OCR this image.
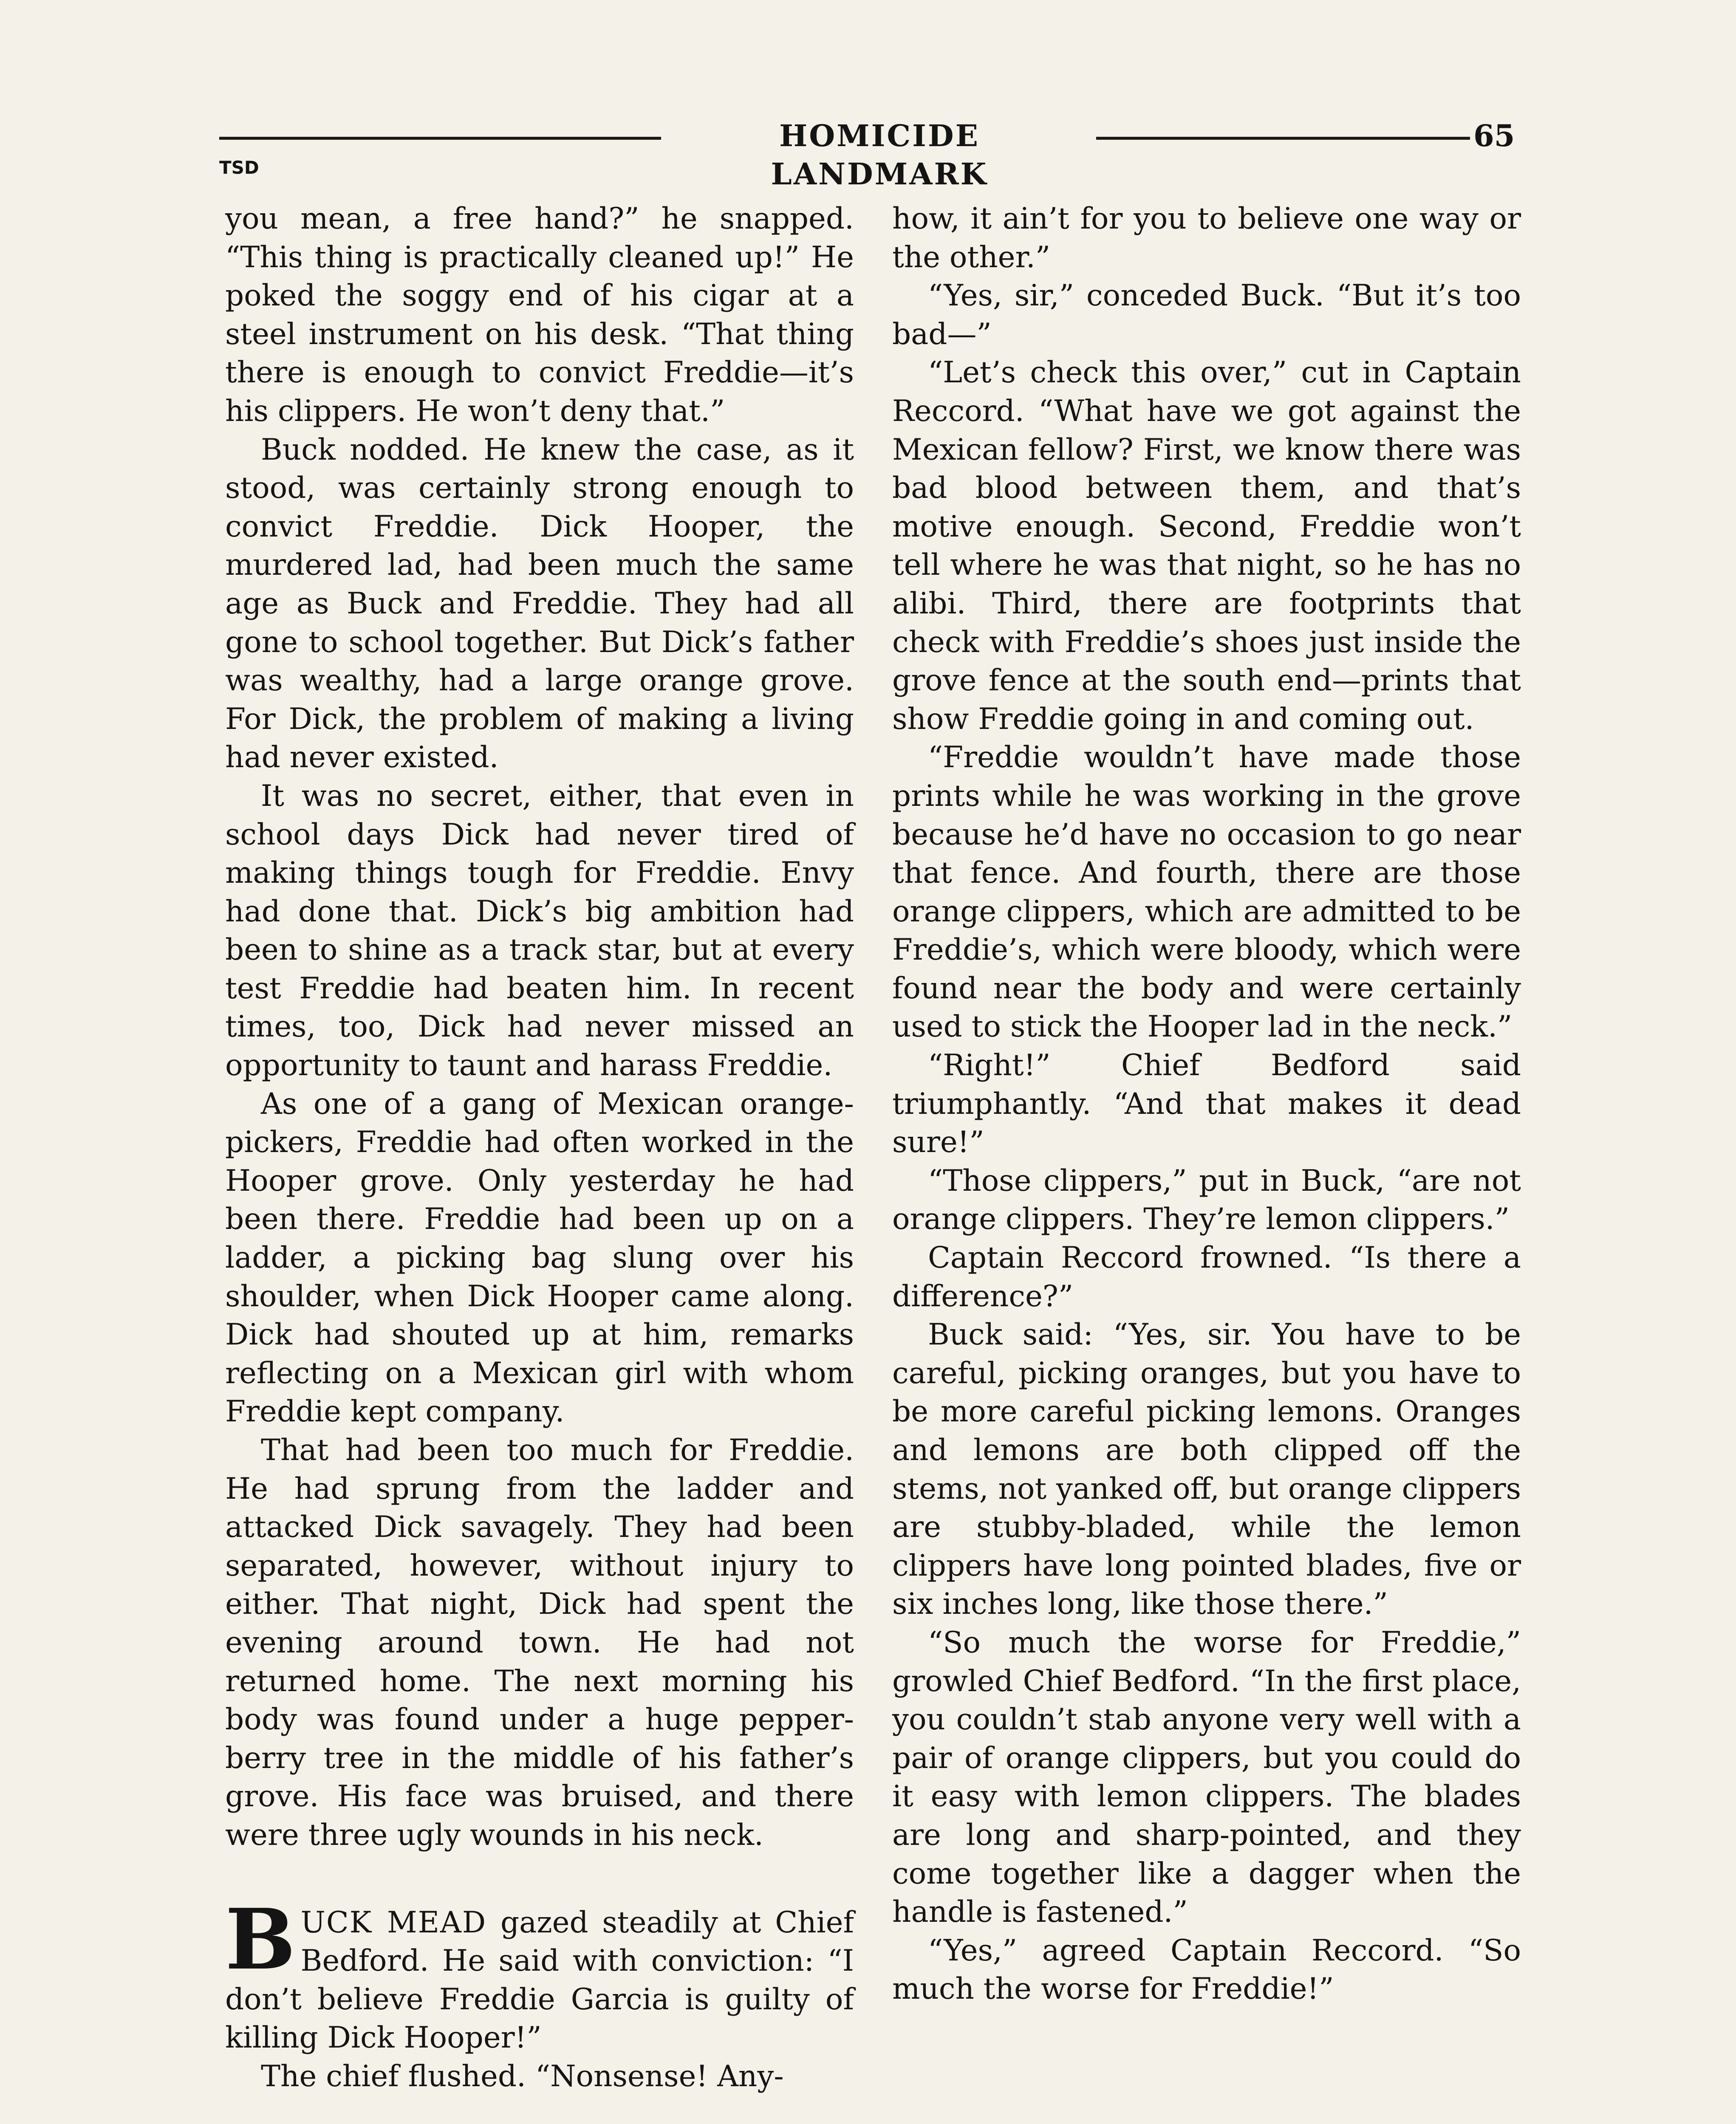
HOMICIDE LANDMARK
65
TSD

you mean, a free hand?” he snapped. “This thing is practically cleaned up!” He poked the soggy end of his cigar at a steel instrument on his desk. “That thing there is enough to convict Freddie—it’s his clippers. He won’t deny that.”

Buck nodded. He knew the case, as it stood, was certainly strong enough to convict Freddie. Dick Hooper, the murdered lad, had been much the same age as Buck and Freddie. They had all gone to school together. But Dick’s father was wealthy, had a large orange grove. For Dick, the problem of making a living had never existed.

It was no secret, either, that even in school days Dick had never tired of making things tough for Freddie. Envy had done that. Dick’s big ambition had been to shine as a track star, but at every test Freddie had beaten him. In recent times, too, Dick had never missed an opportunity to taunt and harass Freddie.

As one of a gang of Mexican orange-pickers, Freddie had often worked in the Hooper grove. Only yesterday he had been there. Freddie had been up on a ladder, a picking bag slung over his shoulder, when Dick Hooper came along. Dick had shouted up at him, remarks reflecting on a Mexican girl with whom Freddie kept company.

That had been too much for Freddie. He had sprung from the ladder and attacked Dick savagely. They had been separated, however, without injury to either. That night, Dick had spent the evening around town. He had not returned home. The next morning his body was found under a huge pepper-berry tree in the middle of his father’s grove. His face was bruised, and there were three ugly wounds in his neck.

BUCK MEAD gazed steadily at Chief Bedford. He said with conviction: “I don’t believe Freddie Garcia is guilty of killing Dick Hooper!”

The chief flushed. “Nonsense! Any-

how, it ain’t for you to believe one way or the other.”

“Yes, sir,” conceded Buck. “But it’s too bad—”

“Let’s check this over,” cut in Captain Reccord. “What have we got against the Mexican fellow? First, we know there was bad blood between them, and that’s motive enough. Second, Freddie won’t tell where he was that night, so he has no alibi. Third, there are footprints that check with Freddie’s shoes just inside the grove fence at the south end—prints that show Freddie going in and coming out.

“Freddie wouldn’t have made those prints while he was working in the grove because he’d have no occasion to go near that fence. And fourth, there are those orange clippers, which are admitted to be Freddie’s, which were bloody, which were found near the body and were certainly used to stick the Hooper lad in the neck.”

“Right!” Chief Bedford said triumphantly. “And that makes it dead sure!”

“Those clippers,” put in Buck, “are not orange clippers. They’re lemon clippers.”

Captain Reccord frowned. “Is there a difference?”

Buck said: “Yes, sir. You have to be careful, picking oranges, but you have to be more careful picking lemons. Oranges and lemons are both clipped off the stems, not yanked off, but orange clippers are stubby-bladed, while the lemon clippers have long pointed blades, five or six inches long, like those there.”

“So much the worse for Freddie,” growled Chief Bedford. “In the first place, you couldn’t stab anyone very well with a pair of orange clippers, but you could do it easy with lemon clippers. The blades are long and sharp-pointed, and they come together like a dagger when the handle is fastened.”

“Yes,” agreed Captain Reccord. “So much the worse for Freddie!”
